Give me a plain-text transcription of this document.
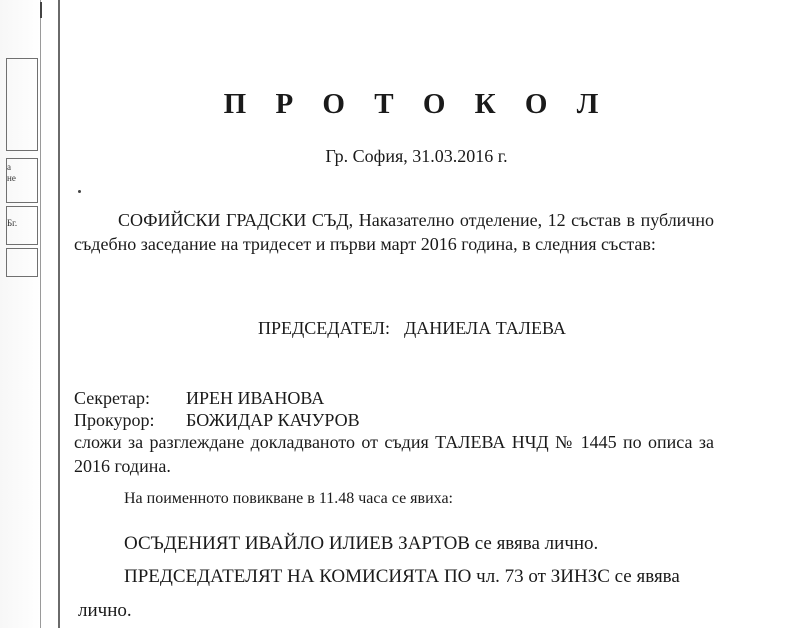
а
не
Бг.
П Р О Т О К О Л
Гр. София, 31.03.2016 г.
СОФИЙСКИ ГРАДСКИ СЪД, Наказателно отделение, 12 състав в публично съдебно заседание на тридесет и първи март 2016 година, в следния състав:
ПРЕДСЕДАТЕЛ: ДАНИЕЛА ТАЛЕВА
Секретар: ИРЕН ИВАНОВА
Прокурор: БОЖИДАР КАЧУРОВ
сложи за разглеждане докладваното от съдия ТАЛЕВА НЧД № 1445 по описа за 2016 година.
На поименното повикване в 11.48 часа се явиха:
ОСЪДЕНИЯТ ИВАЙЛО ИЛИЕВ ЗАРТОВ се явява лично.
ПРЕДСЕДАТЕЛЯТ НА КОМИСИЯТА ПО чл. 73 от ЗИНЗС се явява
лично.
